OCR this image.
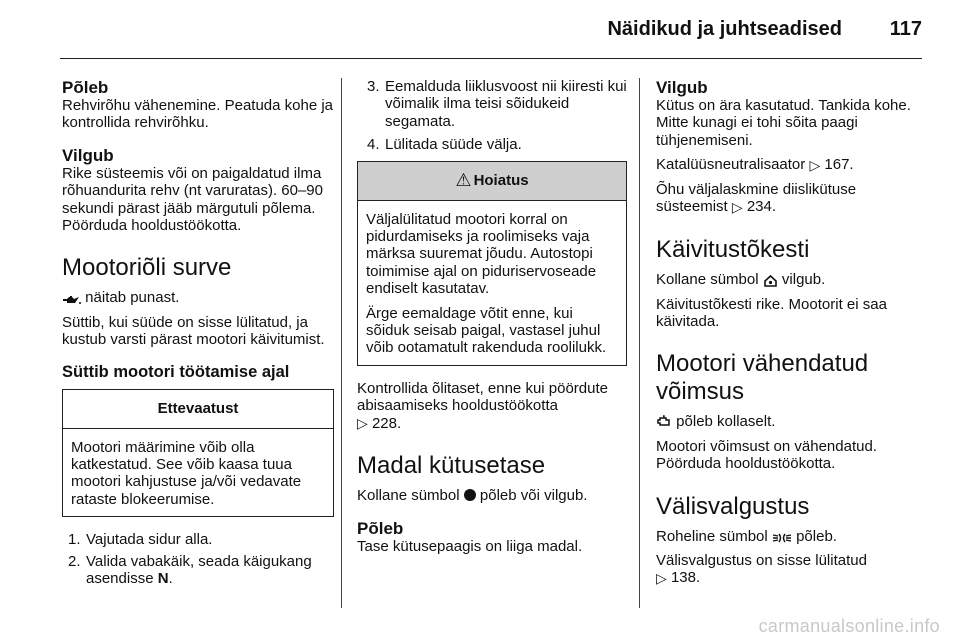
Näidikud ja juhtseadised 117
Põleb
Rehvirõhu vähenemine. Peatuda kohe ja kontrollida rehvirõhku.
Vilgub
Rike süsteemis või on paigaldatud ilma rõhuandurita rehv (nt varuratas). 60–90 sekundi pärast jääb märgutuli põlema. Pöörduda hooldustöökotta.
Mootoriõli surve
näitab punast.
Süttib, kui süüde on sisse lülitatud, ja kustub varsti pärast mootori käivitumist.
Süttib mootori töötamise ajal
Ettevaatust
Mootori määrimine võib olla katkestatud. See võib kaasa tuua mootori kahjustuse ja/või vedavate rataste blokeerumise.
1. Vajutada sidur alla.
2. Valida vabakäik, seada käigukang asendisse N.
3. Eemalduda liiklusvoost nii kiiresti kui võimalik ilma teisi sõidukeid segamata.
4. Lülitada süüde välja.
⚠ Hoiatus
Väljalülitatud mootori korral on pidurdamiseks ja roolimiseks vaja märksa suuremat jõudu. Autostopi toimimise ajal on piduriservoseade endiselt kasutatav.
Ärge eemaldage võtit enne, kui sõiduk seisab paigal, vastasel juhul võib ootamatult rakenduda roolilukk.
Kontrollida õlitaset, enne kui pöördute abisaamiseks hooldustöökotta
▷ 228.
Madal kütusetase
Kollane sümbol põleb või vilgub.
Põleb
Tase kütusepaagis on liiga madal.
Vilgub
Kütus on ära kasutatud. Tankida kohe. Mitte kunagi ei tohi sõita paagi tühjenemiseni.
Katalüüsneutralisaator ▷ 167.
Õhu väljalaskmine diislikütuse süsteemist ▷ 234.
Käivitustõkesti
Kollane sümbol vilgub.
Käivitustõkesti rike. Mootorit ei saa käivitada.
Mootori vähendatud võimsus
põleb kollaselt.
Mootori võimsust on vähendatud. Pöörduda hooldustöökotta.
Välisvalgustus
Roheline sümbol põleb.
Välisvalgustus on sisse lülitatud
▷ 138.
carmanualsonline.info
